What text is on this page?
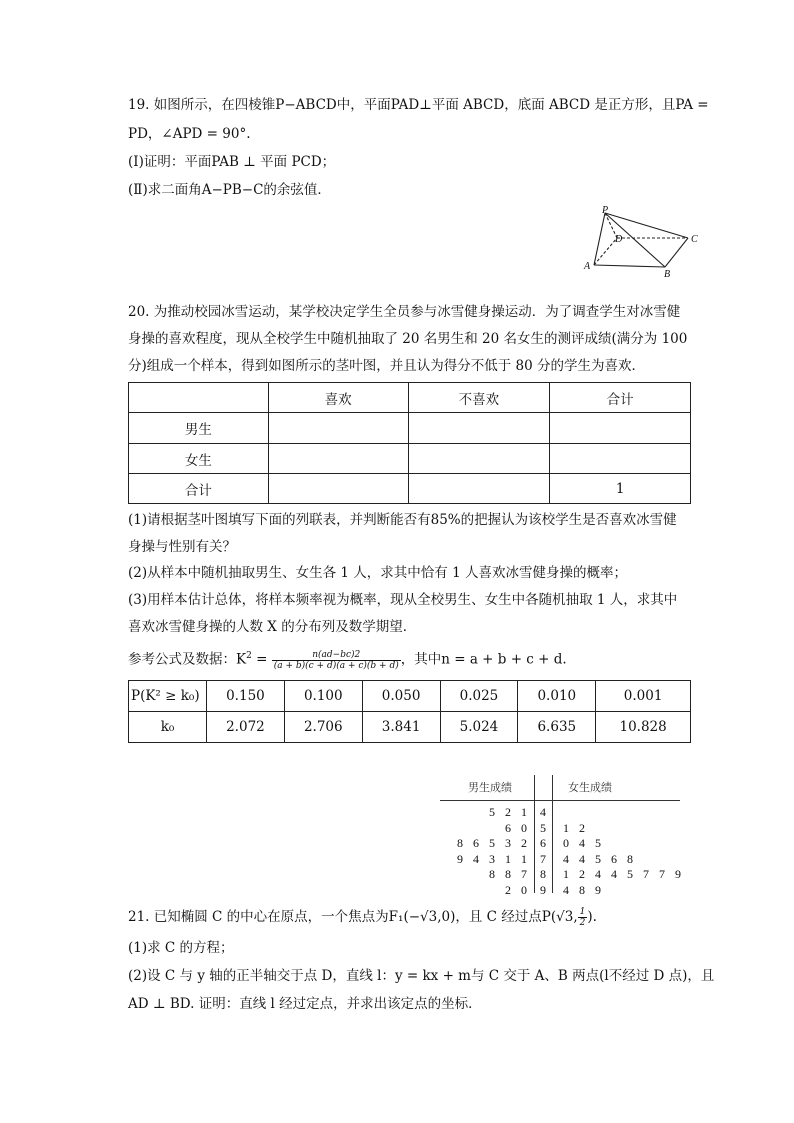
19. 如图所示，在四棱锥P−ABCD中，平面PAD⊥平面 ABCD，底面 ABCD 是正方形，且PA =
PD，∠APD = 90°.
(Ⅰ)证明：平面PAB ⊥ 平面 PCD；
(Ⅱ)求二面角A−PB−C的余弦值．
P
D	C
A
B
20. 为推动校园冰雪运动，某学校决定学生全员参与冰雪健身操运动．为了调查学生对冰雪健
身操的喜欢程度，现从全校学生中随机抽取了 20 名男生和 20 名女生的测评成绩(满分为 100
分)组成一个样本，得到如图所示的茎叶图，并且认为得分不低于 80 分的学生为喜欢．
	喜欢	不喜欢	合计
男生			
女生			
合计			1
(1)请根据茎叶图填写下面的列联表，并判断能否有85%的把握认为该校学生是否喜欢冰雪健
身操与性别有关？
(2)从样本中随机抽取男生、女生各 1 人，求其中恰有 1 人喜欢冰雪健身操的概率；
(3)用样本估计总体，将样本频率视为概率，现从全校男生、女生中各随机抽取 1 人，求其中
喜欢冰雪健身操的人数 X 的分布列及数学期望．
参考公式及数据：$K^2 = \frac{n(ad-bc)2}{(a + b)(c + d)(a + c)(b + d)}$ ，其中n = a + b + c + d.
P(K² ≥ k₀)	0.150	0.100	0.050	0.025	0.010	0.001
k₀	2.072	2.706	3.841	5.024	6.635	10.828
男生成绩	女生成绩
5 2 1	4
6 0	5	1 2
8 6 5 3 2	6	0 4 5
9 4 3 1 1	7	4 4 5 6 8
8 8 7	8	1 2 4 4 5 7 7 9
2 0	9	4 8 9
21. 已知椭圆 C 的中心在原点，一个焦点为F₁(−√3,0)，且 C 经过点P(√3, $\frac{1}{2}$ ).
(1)求 C 的方程；
(2)设 C 与 y 轴的正半轴交于点 D，直线 l：y = kx + m与 C 交于 A、B 两点(l不经过 D 点)，且
AD ⊥ BD. 证明：直线 l 经过定点，并求出该定点的坐标．
